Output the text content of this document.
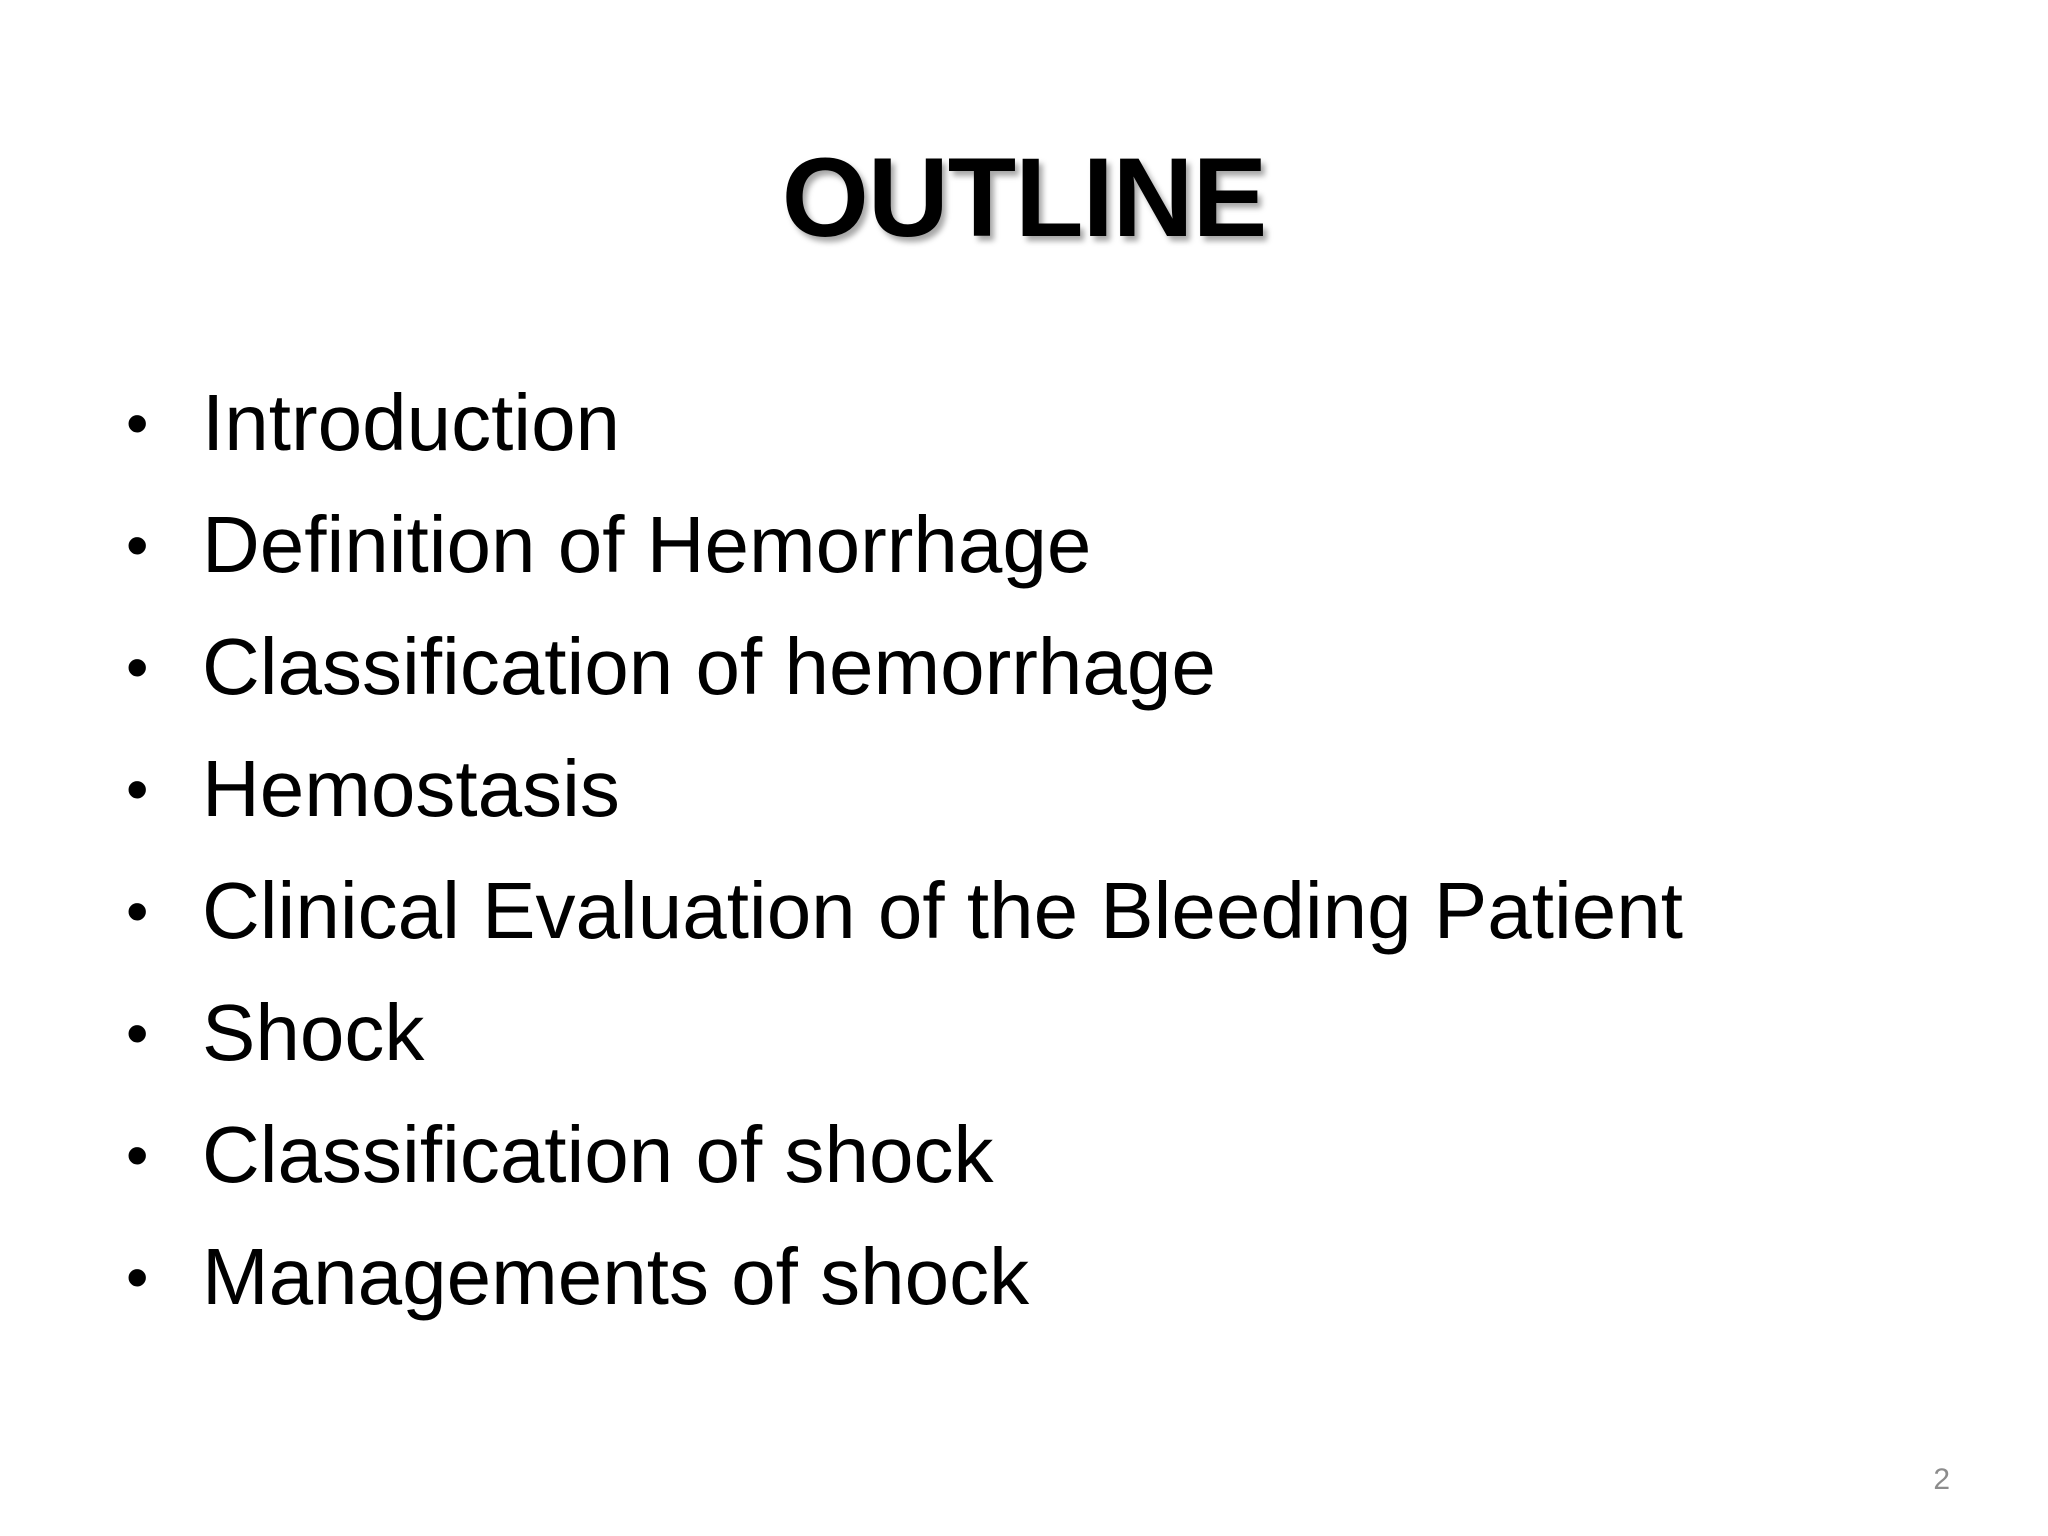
OUTLINE
• Introduction
• Definition of Hemorrhage
• Classification of hemorrhage
• Hemostasis
• Clinical Evaluation of the Bleeding Patient
• Shock
• Classification of shock
• Managements of shock
2
